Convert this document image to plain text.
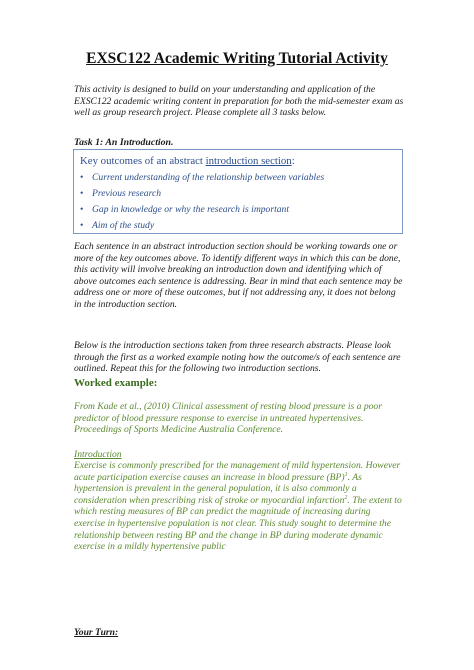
EXSC122 Academic Writing Tutorial Activity
This activity is designed to build on your understanding and application of the EXSC122 academic writing content in preparation for both the mid-semester exam as well as group research project. Please complete all 3 tasks below.
Task 1: An Introduction.
Key outcomes of an abstract introduction section:
• Current understanding of the relationship between variables
• Previous research
• Gap in knowledge or why the research is important
• Aim of the study
Each sentence in an abstract introduction section should be working towards one or more of the key outcomes above. To identify different ways in which this can be done, this activity will involve breaking an introduction down and identifying which of above outcomes each sentence is addressing. Bear in mind that each sentence may be address one or more of these outcomes, but if not addressing any, it does not belong in the introduction section.
Below is the introduction sections taken from three research abstracts. Please look through the first as a worked example noting how the outcome/s of each sentence are outlined. Repeat this for the following two introduction sections.
Worked example:
From Kade et al., (2010) Clinical assessment of resting blood pressure is a poor predictor of blood pressure response to exercise in untreated hypertensives. Proceedings of Sports Medicine Australia Conference.
Introduction
Exercise is commonly prescribed for the management of mild hypertension. However acute participation exercise causes an increase in blood pressure (BP)$^1$. As hypertension is prevalent in the general population, it is also commonly a consideration when prescribing risk of stroke or myocardial infarction$^2$. The extent to which resting measures of BP can predict the magnitude of increasing during exercise in hypertensive population is not clear. This study sought to determine the relationship between resting BP and the change in BP during moderate dynamic exercise in a mildly hypertensive public
Your Turn:
